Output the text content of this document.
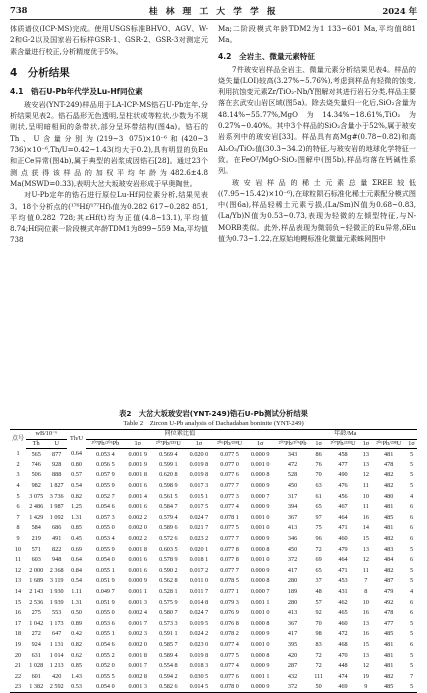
738	桂 林 理 工 大 学 学 报	2024 年

体质谱仪(ICP-MS)完成。使用USGS标准BHVO、AGV、W-2和G-2以及国家岩石标样GSR-1、GSR-2、GSR-3对测定元素含量进行校正,分析精度优于5%。

4　分析结果
4.1　锆石U-Pb年代学及Lu-Hf同位素

玻安岩(YNT-249)样品用于LA-ICP-MS锆石U-Pb定年,分析结果见表2。锆石晶形无色透明,呈柱状或等粒状,少数为不规则状,呈明暗相间的条带状,部分呈环带结构(图4a)。锆石的Th、U含量分别为(219~3 075)×10⁻⁶和(420~3 736)×10⁻⁶,Th/U=0.42~1.43(均大于0.2),具有明显的负Eu和正Ce异常(图4b),属于典型的岩浆成因锆石[28]。通过23个测点获得该样品的加权平均年龄为482.6±4.8 Ma(MSWD=0.33),表明大岔大坂玻安岩形成于早奥陶世。

对U-Pb定年的锆石进行原位Lu-Hf同位素分析,结果见表3。18个分析点的(¹⁷⁶Hf/¹⁷⁷Hf)ᵢ值为0.282 617~0.282 851,平均值0.282 728;其εHf(t)均为正值(4.8~13.1),平均值8.74;Hf同位素一阶段模式年龄TDM1为899~559 Ma,平均值738

Ma;二阶段模式年龄TDM2为1 133~601 Ma,平均值881 Ma。

4.2　全岩主、微量元素特征

7件玻安岩样品全岩主、微量元素分析结果见表4。样品的烧失量(LOI)较高(3.27%~5.76%),考虑到样品有轻微的蚀变,利用抗蚀变元素Zr/TiO₂-Nb/Y图解对其进行岩石分类,样品主要落在玄武安山岩区域(图5a)。除去烧失量归一化后,SiO₂含量为48.14%~55.77%,MgO为14.34%~18.61%,TiO₂为0.27%~0.40%。其中3个样品的SiO₂含量小于52%,属于玻安岩系列中的玻安岩[33]。样品具有高Mg#(0.78~0.82)和高Al₂O₃/TiO₂值(30.3~34.2)的特征,与玻安岩的地球化学特征一致。在FeOᵀ/MgO-SiO₂图解中(图5b),样品均落在钙碱性系列。

玻安岩样品的稀土元素总量ΣREE较低((7.95~15.42)×10⁻⁶),在球粒陨石标准化稀土元素配分模式图中(图6a),样品轻稀土元素亏损,(La/Sm)N值为0.68~0.83,(La/Yb)N值为0.53~0.73,表现为轻微的左倾型特征,与N-MORB类似。此外,样品表现为微弱负~轻微正的Eu异常,δEu值为0.73~1.22,在原始地幔标准化微量元素蛛网图中

表2　大岔大坂玻安岩(YNT-249)锆石U-Pb测试分析结果
Table 2　Zircon U-Pb analysis of Dachadaban boninite (YNT-249)
点号	wB/10⁻⁶		Th/U	同位素比值						年龄/Ma					
	Th	U		²⁰⁷Pb/²⁰⁶Pb	1σ	²⁰⁷Pb/²³⁵U	1σ	²⁰⁶Pb/²³⁸U	1σ	²⁰⁷Pb/²⁰⁶Pb	1σ	²⁰⁷Pb/²³⁵U	1σ	²⁰⁶Pb/²³⁸U	1σ
1	565	877	0.64	0.053 4	0.001 9	0.569 4	0.020 0	0.077 5	0.000 9	343	86	458	13	481	5
2	746	928	0.80	0.056 5	0.001 9	0.599 1	0.019 8	0.077 0	0.001 0	472	76	477	13	478	5
3	506	888	0.57	0.057 9	0.001 8	0.620 8	0.019 8	0.077 6	0.000 8	528	70	490	12	482	5
4	982	1 827	0.54	0.055 9	0.001 6	0.598 9	0.017 3	0.077 7	0.000 9	450	63	476	11	482	5
5	3 075	3 736	0.82	0.052 7	0.001 4	0.561 5	0.015 1	0.077 3	0.000 7	317	61	456	10	480	4
6	2 486	1 987	1.25	0.054 6	0.001 6	0.584 7	0.017 5	0.077 4	0.000 9	394	65	467	11	481	6
7	1 429	1 092	1.31	0.057 3	0.002 2	0.579 4	0.024 7	0.078 1	0.001 0	367	97	464	16	485	6
8	584	686	0.85	0.055 0	0.002 0	0.589 6	0.021 7	0.077 5	0.001 0	413	75	471	14	481	6
9	219	491	0.45	0.053 4	0.002 2	0.572 6	0.023 2	0.077 7	0.000 9	346	96	460	15	482	6
10	571	822	0.69	0.055 9	0.001 8	0.603 5	0.020 1	0.077 8	0.000 8	450	72	479	13	483	5
11	603	948	0.64	0.054 0	0.001 6	0.578 9	0.018 1	0.077 8	0.001 0	372	69	464	12	484	6
12	2 000	2 368	0.84	0.055 1	0.001 6	0.590 2	0.017 2	0.077 7	0.000 9	417	65	471	11	482	5
13	1 689	3 119	0.54	0.051 9	0.000 9	0.562 8	0.011 0	0.078 5	0.000 8	280	37	453	7	487	5
14	2 143	1 930	1.11	0.049 7	0.001 1	0.528 1	0.011 7	0.077 1	0.000 7	189	48	431	8	479	4
15	2 536	1 939	1.31	0.051 9	0.001 3	0.575 9	0.014 8	0.079 3	0.001 1	280	57	462	10	492	6
16	275	553	0.50	0.055 0	0.002 4	0.580 7	0.024 7	0.076 9	0.001 0	413	92	465	16	478	6
17	1 042	1 173	0.89	0.053 6	0.001 7	0.573 3	0.019 5	0.076 8	0.000 8	367	70	460	13	477	5
18	272	647	0.42	0.055 1	0.002 3	0.591 1	0.024 2	0.078 2	0.000 9	417	98	472	16	485	5
19	924	1 131	0.82	0.054 6	0.002 0	0.585 7	0.023 0	0.077 4	0.001 0	395	83	468	15	481	6
20	631	1 014	0.62	0.055 2	0.001 8	0.589 4	0.019 8	0.077 5	0.000 8	420	72	470	13	481	5
21	1 028	1 213	0.85	0.052 0	0.001 7	0.554 8	0.018 3	0.077 4	0.000 9	287	72	448	12	481	5
22	601	420	1.43	0.055 5	0.002 8	0.594 2	0.030 5	0.077 6	0.001 1	432	111	474	19	482	7
23	1 382	2 592	0.53	0.054 0	0.001 3	0.582 6	0.014 5	0.078 0	0.000 9	372	50	469	9	485	5
